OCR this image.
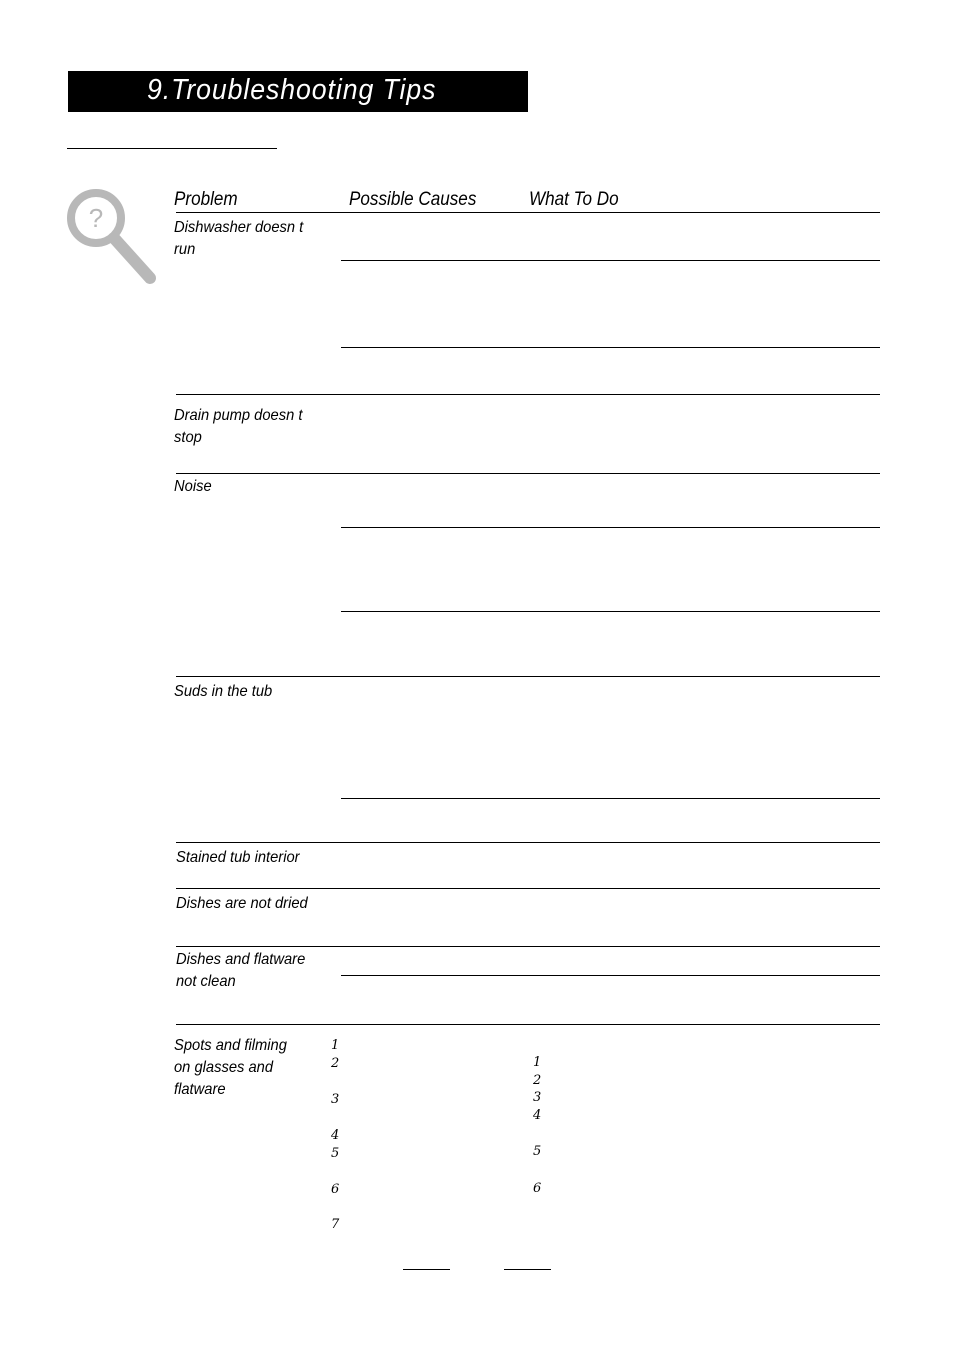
9.Troubleshooting Tips
?
Problem	Possible Causes	What To Do
Dishwasher doesn t
run
Drain pump doesn t
stop
Noise
Suds in the tub
Stained tub interior
Dishes are not dried
Dishes and flatware
not clean
Spots and filming
on glasses and
flatware
1
2
3
4
5
6
7
1
2
3
4
5
6
